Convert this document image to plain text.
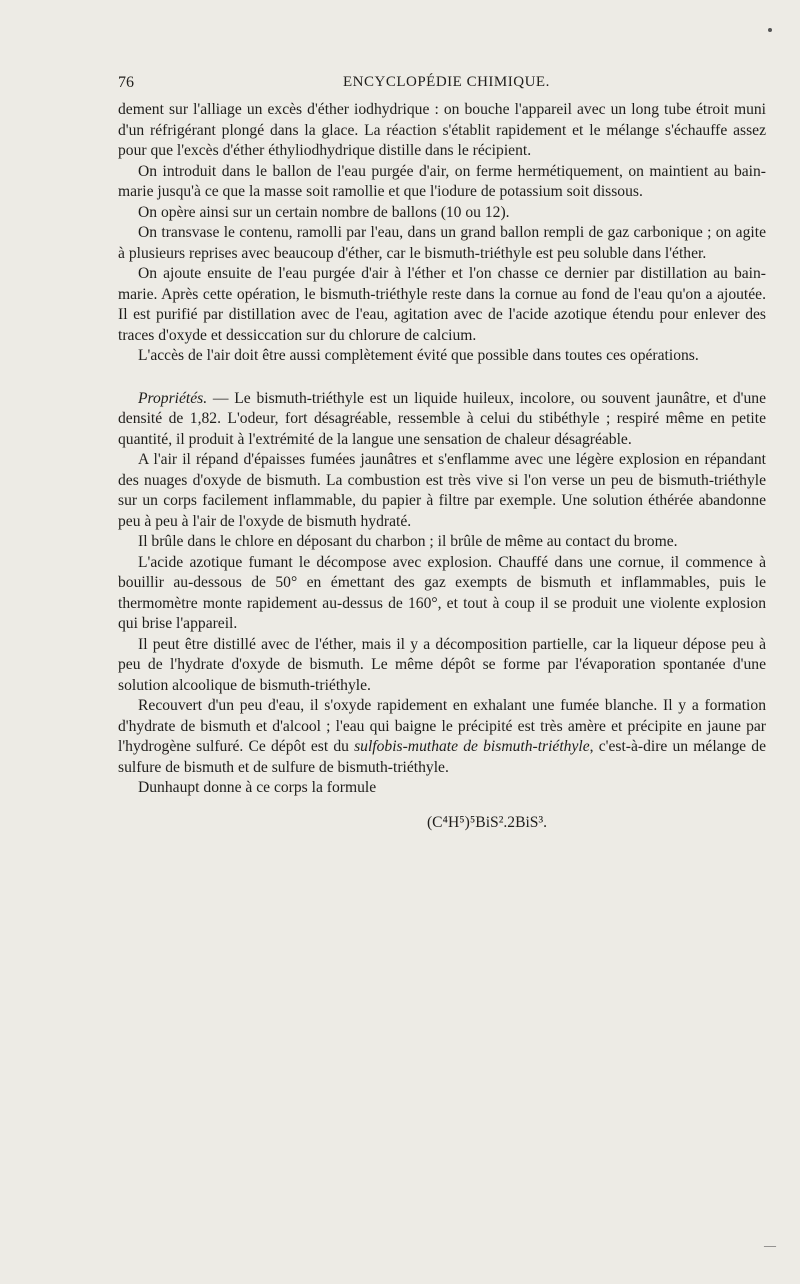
76	ENCYCLOPÉDIE CHIMIQUE.

dement sur l'alliage un excès d'éther iodhydrique : on bouche l'appareil avec un long tube étroit muni d'un réfrigérant plongé dans la glace. La réaction s'établit rapidement et le mélange s'échauffe assez pour que l'excès d'éther éthyliodhydrique distille dans le récipient.

On introduit dans le ballon de l'eau purgée d'air, on ferme hermétiquement, on maintient au bain-marie jusqu'à ce que la masse soit ramollie et que l'iodure de potassium soit dissous.

On opère ainsi sur un certain nombre de ballons (10 ou 12).

On transvase le contenu, ramolli par l'eau, dans un grand ballon rempli de gaz carbonique ; on agite à plusieurs reprises avec beaucoup d'éther, car le bismuth-triéthyle est peu soluble dans l'éther.

On ajoute ensuite de l'eau purgée d'air à l'éther et l'on chasse ce dernier par distillation au bain-marie. Après cette opération, le bismuth-triéthyle reste dans la cornue au fond de l'eau qu'on a ajoutée. Il est purifié par distillation avec de l'eau, agitation avec de l'acide azotique étendu pour enlever des traces d'oxyde et dessiccation sur du chlorure de calcium.

L'accès de l'air doit être aussi complètement évité que possible dans toutes ces opérations.

Propriétés. — Le bismuth-triéthyle est un liquide huileux, incolore, ou souvent jaunâtre, et d'une densité de 1,82. L'odeur, fort désagréable, ressemble à celui du stibéthyle ; respiré même en petite quantité, il produit à l'extrémité de la langue une sensation de chaleur désagréable.

A l'air il répand d'épaisses fumées jaunâtres et s'enflamme avec une légère explosion en répandant des nuages d'oxyde de bismuth. La combustion est très vive si l'on verse un peu de bismuth-triéthyle sur un corps facilement inflammable, du papier à filtre par exemple. Une solution éthérée abandonne peu à peu à l'air de l'oxyde de bismuth hydraté.

Il brûle dans le chlore en déposant du charbon ; il brûle de même au contact du brome.

L'acide azotique fumant le décompose avec explosion. Chauffé dans une cornue, il commence à bouillir au-dessous de 50° en émettant des gaz exempts de bismuth et inflammables, puis le thermomètre monte rapidement au-dessus de 160°, et tout à coup il se produit une violente explosion qui brise l'appareil.

Il peut être distillé avec de l'éther, mais il y a décomposition partielle, car la liqueur dépose peu à peu de l'hydrate d'oxyde de bismuth. Le même dépôt se forme par l'évaporation spontanée d'une solution alcoolique de bismuth-triéthyle.

Recouvert d'un peu d'eau, il s'oxyde rapidement en exhalant une fumée blanche. Il y a formation d'hydrate de bismuth et d'alcool ; l'eau qui baigne le précipité est très amère et précipite en jaune par l'hydrogène sulfuré. Ce dépôt est du sulfobis-muthate de bismuth-triéthyle, c'est-à-dire un mélange de sulfure de bismuth et de sulfure de bismuth-triéthyle.

Dunhaupt donne à ce corps la formule

(C⁴H⁵)⁵BiS².2BiS³.
—
